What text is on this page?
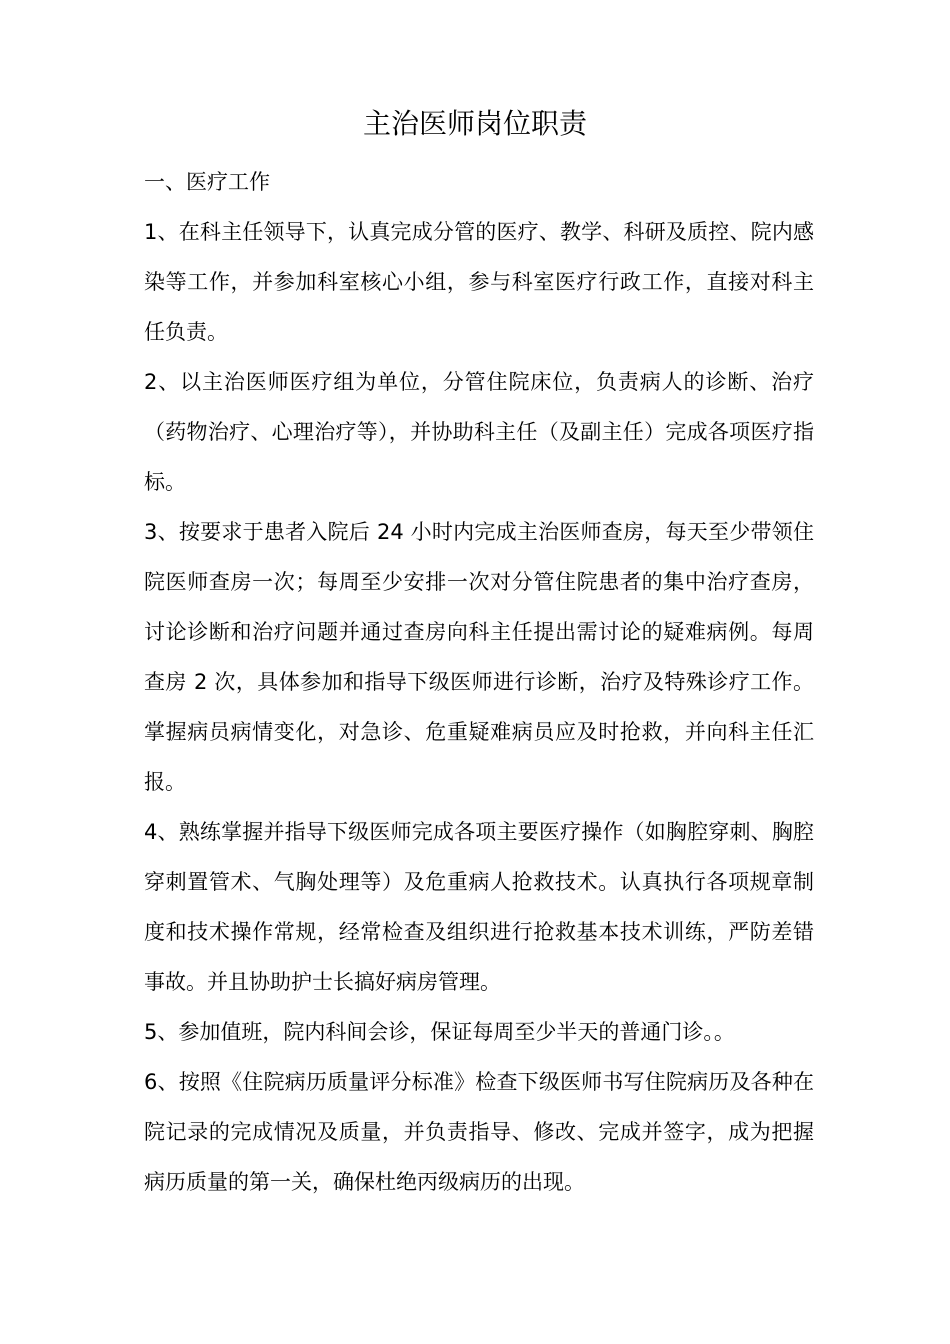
主治医师岗位职责

一、医疗工作

1、在科主任领导下，认真完成分管的医疗、教学、科研及质控、院内感染等工作，并参加科室核心小组，参与科室医疗行政工作，直接对科主任负责。

2、以主治医师医疗组为单位，分管住院床位，负责病人的诊断、治疗（药物治疗、心理治疗等），并协助科主任（及副主任）完成各项医疗指标。

3、按要求于患者入院后 24 小时内完成主治医师查房，每天至少带领住院医师查房一次；每周至少安排一次对分管住院患者的集中治疗查房，讨论诊断和治疗问题并通过查房向科主任提出需讨论的疑难病例。每周查房 2 次，具体参加和指导下级医师进行诊断，治疗及特殊诊疗工作。掌握病员病情变化，对急诊、危重疑难病员应及时抢救，并向科主任汇报。

4、熟练掌握并指导下级医师完成各项主要医疗操作（如胸腔穿刺、胸腔穿刺置管术、气胸处理等）及危重病人抢救技术。认真执行各项规章制度和技术操作常规，经常检查及组织进行抢救基本技术训练，严防差错事故。并且协助护士长搞好病房管理。

5、参加值班，院内科间会诊，保证每周至少半天的普通门诊。。

6、按照《住院病历质量评分标准》检查下级医师书写住院病历及各种在院记录的完成情况及质量，并负责指导、修改、完成并签字，成为把握病历质量的第一关，确保杜绝丙级病历的出现。
